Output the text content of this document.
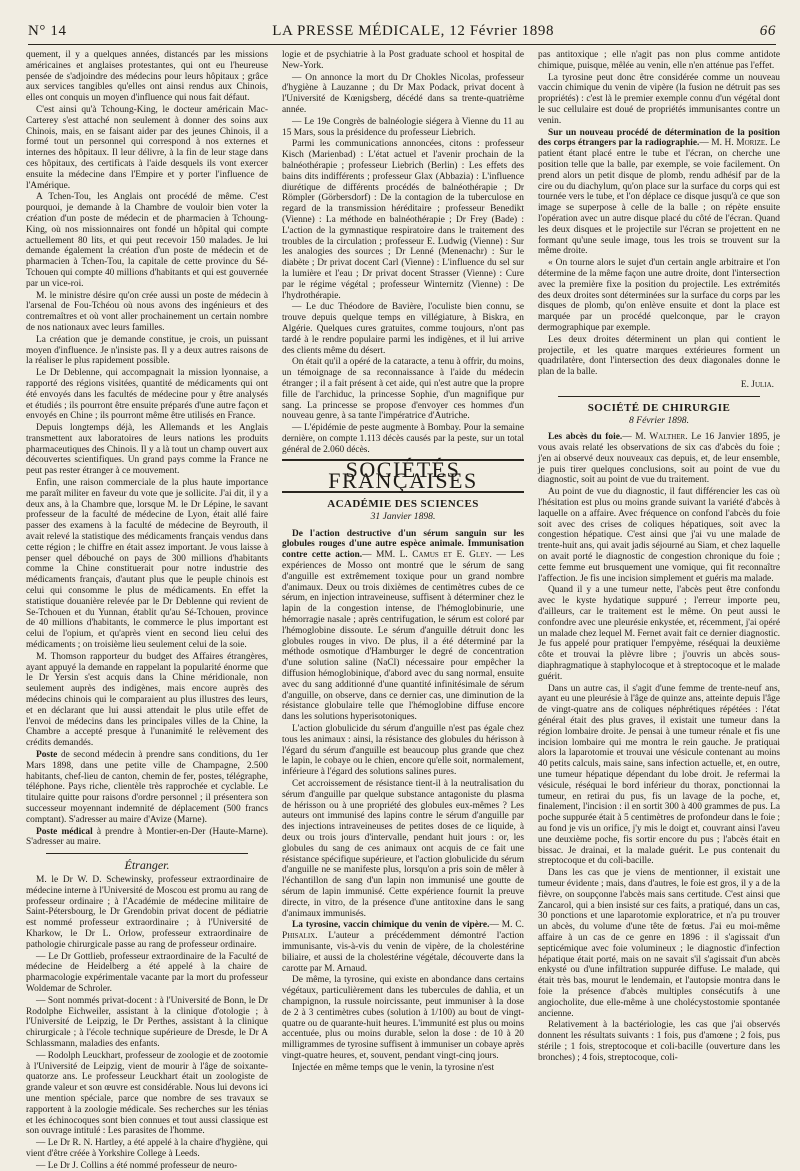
N° 14	LA PRESSE MÉDICALE, 12 Février 1898	66

quement, il y a quelques années, distancés par les missions américaines et anglaises protestantes, qui ont eu l'heureuse pensée de s'adjoindre des médecins pour leurs hôpitaux ; grâce aux services tangibles qu'elles ont ainsi rendus aux Chinois, elles ont conquis un moyen d'influence qui nous fait défaut.

C'est ainsi qu'à Tchoung-King, le docteur américain Mac-Carterey s'est attaché non seulement à donner des soins aux Chinois, mais, en se faisant aider par des jeunes Chinois, il a formé tout un personnel qui correspond à nos externes et internes des hôpitaux. Il leur délivre, à la fin de leur stage dans ces hôpitaux, des certificats à l'aide desquels ils vont exercer ensuite la médecine dans l'Empire et y porter l'influence de l'Amérique.

A Tchen-Tou, les Anglais ont procédé de même. C'est pourquoi, je demande à la Chambre de vouloir bien voter la création d'un poste de médecin et de pharmacien à Tchoung-King, où nos missionnaires ont fondé un hôpital qui compte actuellement 80 lits, et qui peut recevoir 150 malades. Je lui demande également la création d'un poste de médecin et de pharmacien à Tchen-Tou, la capitale de cette province du Sé-Tchouen qui compte 40 millions d'habitants et qui est gouvernée par un vice-roi.

M. le ministre désire qu'on crée aussi un poste de médecin à l'arsenal de Fou-Tchéou où nous avons des ingénieurs et des contremaîtres et où vont aller prochainement un certain nombre de nos nationaux avec leurs familles.

La création que je demande constitue, je crois, un puissant moyen d'influence. Je n'insiste pas. Il y a deux autres raisons de la réaliser le plus rapidement possible.

Le Dr Deblenne, qui accompagnait la mission lyonnaise, a rapporté des régions visitées, quantité de médicaments qui ont été envoyés dans les facultés de médecine pour y être analysés et étudiés ; ils pourront être ensuite préparés d'une autre façon et envoyés en Chine ; ils pourront même être utilisés en France.

Depuis longtemps déjà, les Allemands et les Anglais transmettent aux laboratoires de leurs nations les produits pharmaceutiques des Chinois. Il y a là tout un champ ouvert aux découvertes scientifiques. Un grand pays comme la France ne peut pas rester étranger à ce mouvement.

Enfin, une raison commerciale de la plus haute importance me paraît militer en faveur du vote que je sollicite. J'ai dit, il y a deux ans, à la Chambre que, lorsque M. le Dr Lépine, le savant professeur de la faculté de médecine de Lyon, était allé faire passer des examens à la faculté de médecine de Beyrouth, il avait relevé la statistique des médicaments français vendus dans cette région ; le chiffre en était assez important. Je vous laisse à penser quel débouché on pays de 300 millions d'habitants comme la Chine constituerait pour notre industrie des médicaments français, d'autant plus que le peuple chinois est celui qui consomme le plus de médicaments. En effet la statistique douanière relevée par le Dr Deblenne qui revient de Se-Tchouen et du Yunnan, établit qu'au Sé-Tchouen, province de 40 millions d'habitants, le commerce le plus important est celui de l'opium, et qu'après vient en second lieu celui des médicaments ; on troisième lieu seulement celui de la soie.

M. Thomson rapporteur du budget des Affaires étrangères, ayant appuyé la demande en rappelant la popularité énorme que le Dr Yersin s'est acquis dans la Chine méridionale, non seulement auprès des indigènes, mais encore auprès des médecins chinois qui le comparaient au plus illustres des leurs, et en déclarant que lui aussi attendait le plus utile effet de l'envoi de médecins dans les principales villes de la Chine, la Chambre a accepté presque à l'unanimité le relèvement des crédits demandés.

Poste de second médecin à prendre sans conditions, du 1er Mars 1898, dans une petite ville de Champagne, 2.500 habitants, chef-lieu de canton, chemin de fer, postes, télégraphe, téléphone. Pays riche, clientèle très rapprochée et cyclable. Le titulaire quitte pour raisons d'ordre personnel ; il présentera son successeur moyennant indemnité de déplacement (500 francs comptant). S'adresser au maire d'Avize (Marne).

Poste médical à prendre à Montier-en-Der (Haute-Marne). S'adresser au maire.

Étranger.

M. le Dr W. D. Schewinsky, professeur extraordinaire de médecine interne à l'Université de Moscou est promu au rang de professeur ordinaire ; à l'Académie de médecine militaire de Saint-Pétersbourg, le Dr Grendobin privat docent de pédiatrie est nommé professeur extraordinaire ; à l'Université de Kharkow, le Dr L. Orlow, professeur extraordinaire de pathologie chirurgicale passe au rang de professeur ordinaire.

— Le Dr Gottlieb, professeur extraordinaire de la Faculté de médecine de Heidelberg a été appelé à la chaire de pharmacologie expérimentale vacante par la mort du professeur Woldemar de Schroler.

— Sont nommés privat-docent : à l'Université de Bonn, le Dr Rodolphe Eichweiler, assistant à la clinique d'otologie ; à l'Université de Leipzig, le Dr Perthes, assistant à la clinique chirurgicale ; à l'école technique supérieure de Dresde, le Dr A Schlassmann, maladies des enfants.

— Rodolph Leuckhart, professeur de zoologie et de zootomie à l'Université de Leipzig, vient de mourir à l'âge de soixante-quatorze ans. Le professeur Leuckhart était un zoologiste de grande valeur et son œuvre est considérable. Nous lui devons ici une mention spéciale, parce que nombre de ses travaux se rapportent à la zoologie médicale. Ses recherches sur les ténias et les échinocoques sont bien connues et tout aussi classique est son ouvrage intitulé : Les parasites de l'homme.

— Le Dr R. N. Hartley, a été appelé à la chaire d'hygiène, qui vient d'être créée à Yorkshire College à Leeds.

— Le Dr J. Collins a été nommé professeur de neuro-

logie et de psychiatrie à la Post graduate school et hospital de New-York.

— On annonce la mort du Dr Chokles Nicolas, professeur d'hygiène à Lauzanne ; du Dr Max Podack, privat docent à l'Université de Kœnigsberg, décédé dans sa trente-quatrième année.

— Le 19e Congrès de balnéologie siégera à Vienne du 11 au 15 Mars, sous la présidence du professeur Liebrich.

Parmi les communications annoncées, citons : professeur Kisch (Marienbad) : L'état actuel et l'avenir prochain de la balnéothérapie ; professeur Liebrich (Berlin) : Les effets des bains dits indifférents ; professeur Glax (Abbazia) : L'influence diurétique de différents procédés de balnéothérapie ; Dr Römpler (Görbersdorf) : De la contagion de la tuberculose en regard de la transmission héréditaire ; professeur Benedikt (Vienne) : La méthode en balnéothérapie ; Dr Frey (Bade) : L'action de la gymnastique respiratoire dans le traitement des troubles de la circulation ; professeur E. Ludwig (Vienne) : Sur les analogies des sources ; Dr Lenné (Menenachr) : Sur le diabète ; Dr privat docent Carl (Vienne) : L'influence du sel sur la lumière et l'eau ; Dr privat docent Strasser (Vienne) : Cure par le régime végétal ; professeur Winternitz (Vienne) : De l'hydrothérapie.

— Le duc Théodore de Bavière, l'oculiste bien connu, se trouve depuis quelque temps en villégiature, à Biskra, en Algérie. Quelques cures gratuites, comme toujours, n'ont pas tardé à le rendre populaire parmi les indigènes, et il lui arrive des clients même du désert.

On était qu'il a opéré de la cataracte, a tenu à offrir, du moins, un témoignage de sa reconnaissance à l'aide du médecin étranger ; il a fait présent à cet aide, qui n'est autre que la propre fille de l'archiduc, la princesse Sophie, d'un magnifique pur sang. La princesse se propose d'envoyer ces hommes d'un nouveau genre, à sa tante l'impératrice d'Autriche.

— L'épidémie de peste augmente à Bombay. Pour la semaine dernière, on compte 1.113 décès causés par la peste, sur un total général de 2.060 décès.

SOCIÉTÉS FRANÇAISES
ACADÉMIE DES SCIENCES
31 Janvier 1898.

De l'action destructive d'un sérum sanguin sur les globules rouges d'une autre espèce animale. Immunisation contre cette action.— MM. L. Camus et E. Gley. — Les expériences de Mosso ont montré que le sérum de sang d'anguille est extrêmement toxique pour un grand nombre d'animaux. Deux ou trois dixièmes de centimètres cubes de ce sérum, en injection intraveineuse, suffisent à déterminer chez le lapin de la congestion intense, de l'hémoglobinurie, une hémorragie nasale ; après centrifugation, le sérum est coloré par l'hémoglobine dissoute. Le sérum d'anguille détruit donc les globules rouges in vivo. De plus, il a été déterminé par la méthode osmotique d'Hamburger le degré de concentration d'une solution saline (NaCl) nécessaire pour empêcher la diffusion hémoglobinique, d'abord avec du sang normal, ensuite avec du sang additionné d'une quantité infinitésimale de sérum d'anguille, on observe, dans ce dernier cas, une diminution de la résistance globulaire telle que l'hémoglobine diffuse encore dans les solutions hyperisotoniques.

L'action globulicide du sérum d'anguille n'est pas égale chez tous les animaux : ainsi, la résistance des globules du hérisson à l'égard du sérum d'anguille est beaucoup plus grande que chez le lapin, le cobaye ou le chien, encore qu'elle soit, normalement, inférieure à l'égard des solutions salines pures.

Cet accroissement de résistance tient-il à la neutralisation du sérum d'anguille par quelque substance antagoniste du plasma de hérisson ou à une propriété des globules eux-mêmes ? Les auteurs ont immunisé des lapins contre le sérum d'anguille par des injections intraveineuses de petites doses de ce liquide, à deux ou trois jours d'intervalle, pendant huit jours : or, les globules du sang de ces animaux ont acquis de ce fait une résistance spécifique supérieure, et l'action globulicide du sérum d'anguille ne se manifeste plus, lorsqu'on a pris soin de mêler à l'échantillon de sang d'un lapin non immunisé une goutte de sérum de lapin immunisé. Cette expérience fournit la preuve directe, in vitro, de la présence d'une antitoxine dans le sang d'animaux immunisés.

La tyrosine, vaccin chimique du venin de vipère.— M. C. Phisalix. L'auteur a précédemment démontré l'action immunisante, vis-à-vis du venin de vipère, de la cholestérine biliaire, et aussi de la cholestérine végétale, découverte dans la carotte par M. Arnaud.

De même, la tyrosine, qui existe en abondance dans certains végétaux, particulièrement dans les tubercules de dahlia, et un champignon, la russule noircissante, peut immuniser à la dose de 2 à 3 centimètres cubes (solution à 1/100) au bout de vingt-quatre ou de quarante-huit heures. L'immunité est plus ou moins accentuée, plus ou moins durable, selon la dose : de 10 à 20 milligrammes de tyrosine suffisent à immuniser un cobaye après vingt-quatre heures, et, souvent, pendant vingt-cinq jours.

Injectée en même temps que le venin, la tyrosine n'est

pas antitoxique ; elle n'agit pas non plus comme antidote chimique, puisque, mêlée au venin, elle n'en atténue pas l'effet.

La tyrosine peut donc être considérée comme un nouveau vaccin chimique du venin de vipère (la fusion ne détruit pas ses propriétés) : c'est là le premier exemple connu d'un végétal dont le suc cellulaire est doué de propriétés immunisantes contre un venin.

Sur un nouveau procédé de détermination de la position des corps étrangers par la radiographie.— M. H. Morize. Le patient étant placé entre le tube et l'écran, on cherche une position telle que la balle, par exemple, se voie facilement. On prend alors un petit disque de plomb, rendu adhésif par de la cire ou du diachylum, qu'on place sur la surface du corps qui est tournée vers le tube, et l'on déplace ce disque jusqu'à ce que son image se superpose à celle de la balle ; on répète ensuite l'opération avec un autre disque placé du côté de l'écran. Quand les deux disques et le projectile sur l'écran se projettent en ne formant qu'une seule image, tous les trois se trouvent sur la même droite.

« On tourne alors le sujet d'un certain angle arbitraire et l'on détermine de la même façon une autre droite, dont l'intersection avec la première fixe la position du projectile. Les extrémités des deux droites sont déterminées sur la surface du corps par les disques de plomb, qu'on enlève ensuite et dont la place est marquée par un procédé quelconque, par le crayon dermographique par exemple.

Les deux droites déterminent un plan qui contient le projectile, et les quatre marques extérieures forment un quadrilatère, dont l'intersection des deux diagonales donne le plan de la balle.

E. Julia.
SOCIÉTÉ DE CHIRURGIE
8 Février 1898.

Les abcès du foie.— M. Walther. Le 16 Janvier 1895, je vous avais relaté les observations de six cas d'abcès du foie ; j'en ai observé deux nouveaux cas depuis, et, de leur ensemble, je puis tirer quelques conclusions, soit au point de vue du diagnostic, soit au point de vue du traitement.

Au point de vue du diagnostic, il faut différencier les cas où l'hésitation est plus ou moins grande suivant la variété d'abcès à laquelle on a affaire. Avec fréquence on confond l'abcès du foie soit avec des crises de coliques hépatiques, soit avec la congestion hépatique. C'est ainsi que j'ai vu une malade de trente-huit ans, qui avait jadis séjourné au Siam, et chez laquelle on avait porté le diagnostic de congestion chronique du foie ; cette femme eut brusquement une vomique, qui fit reconnaître l'affection. Je fis une incision simplement et guéris ma malade.

Quand il y a une tumeur nette, l'abcès peut être confondu avec le kyste hydatique suppuré ; l'erreur importe peu, d'ailleurs, car le traitement est le même. On peut aussi le confondre avec une pleurésie enkystée, et, récemment, j'ai opéré un malade chez lequel M. Fernet avait fait ce dernier diagnostic. Je fus appelé pour pratiquer l'empyème, réséquai la deuxième côte et trouvai la plèvre libre ; j'ouvris un abcès sous-diaphragmatique à staphylocoque et à streptocoque et le malade guérit.

Dans un autre cas, il s'agit d'une femme de trente-neuf ans, ayant eu une pleurésie à l'âge de quinze ans, atteinte depuis l'âge de vingt-quatre ans de coliques néphrétiques répétées : l'état général était des plus graves, il existait une tumeur dans la région lombaire droite. Je pensai à une tumeur rénale et fis une incision lombaire qui me montra le rein gauche. Je pratiquai alors la laparotomie et trouvai une vésicule contenant au moins 40 petits calculs, mais saine, sans infection actuelle, et, en outre, une tumeur hépatique dépendant du lobe droit. Je refermai la vésicule, réséquai le bord inférieur du thorax, ponctionnai la tumeur, en retirai du pus, fis un lavage de la poche, et, finalement, l'incision : il en sortit 300 à 400 grammes de pus. La poche suppurée était à 5 centimètres de profondeur dans le foie ; au fond je vis un orifice, j'y mis le doigt et, couvrant ainsi l'aveu une deuxième poche, fis sortir encore du pus ; l'abcès était en bissac. Je drainai, et la malade guérit. Le pus contenait du streptocoque et du coli-bacille.

Dans les cas que je viens de mentionner, il existait une tumeur évidente ; mais, dans d'autres, le foie est gros, il y a de la fièvre, on soupçonne l'abcès mais sans certitude. C'est ainsi que Zancarol, qui a bien insisté sur ces faits, a pratiqué, dans un cas, 30 ponctions et une laparotomie exploratrice, et n'a pu trouver un abcès, du volume d'une tête de fœtus. J'ai eu moi-même affaire à un cas de ce genre en 1896 : il s'agissait d'un septicémique avec foie volumineux ; le diagnostic d'infection hépatique était porté, mais on ne savait s'il s'agissait d'un abcès enkysté ou d'une infiltration suppurée diffuse. Le malade, qui était très bas, mourut le lendemain, et l'autopsie montra dans le foie la présence d'abcès multiples consécutifs à une angiocholite, due elle-même à une cholécystostomie spontanée ancienne.

Relativement à la bactériologie, les cas que j'ai observés donnent les résultats suivants : 1 fois, pus d'amœne ; 2 fois, pus stérile ; 1 fois, streptocoque et coli-bacille (ouverture dans les bronches) ; 4 fois, streptocoque, coli-
